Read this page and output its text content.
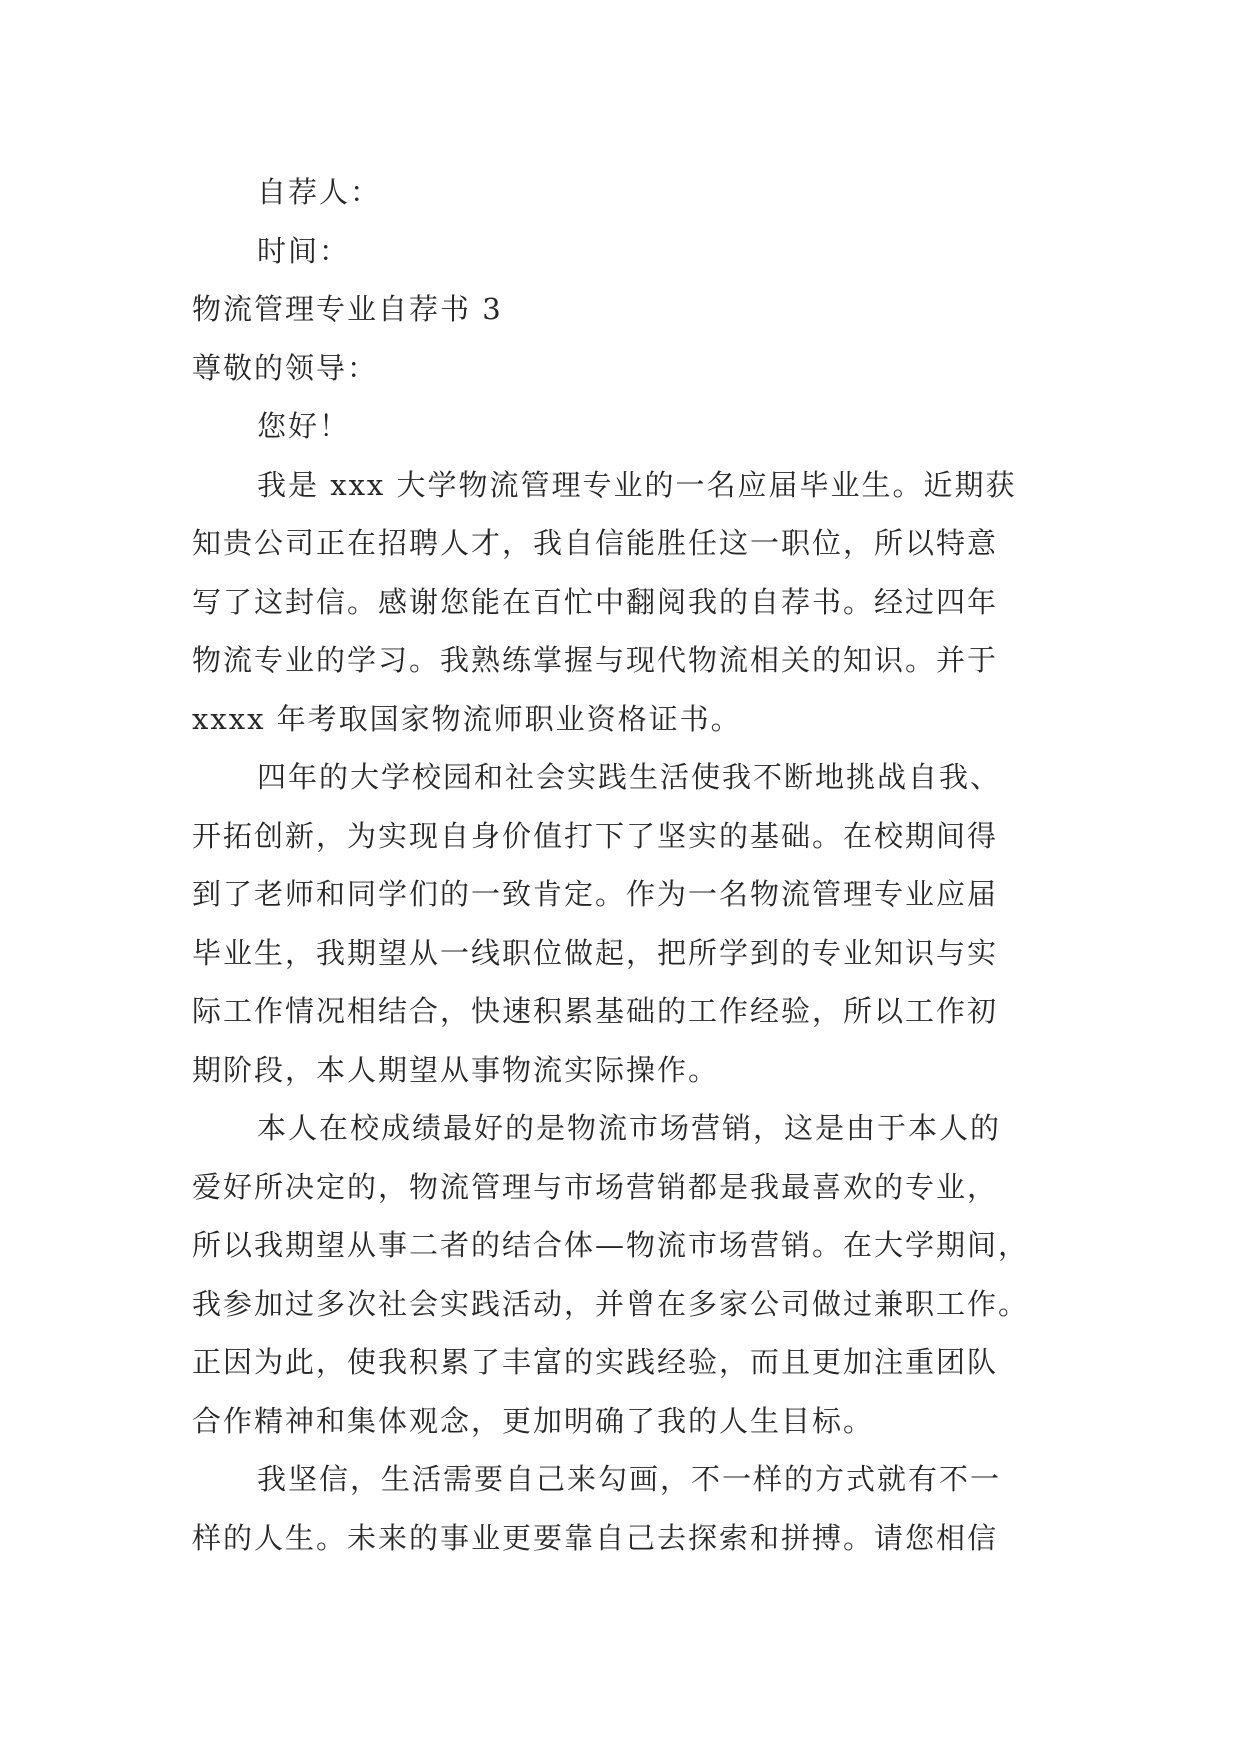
自荐人：
时间：
物流管理专业自荐书 3
尊敬的领导：
您好！
我是 xxx 大学物流管理专业的一名应届毕业生。近期获
知贵公司正在招聘人才，我自信能胜任这一职位，所以特意
写了这封信。感谢您能在百忙中翻阅我的自荐书。经过四年
物流专业的学习。我熟练掌握与现代物流相关的知识。并于
xxxx 年考取国家物流师职业资格证书。
四年的大学校园和社会实践生活使我不断地挑战自我、
开拓创新，为实现自身价值打下了坚实的基础。在校期间得
到了老师和同学们的一致肯定。作为一名物流管理专业应届
毕业生，我期望从一线职位做起，把所学到的专业知识与实
际工作情况相结合，快速积累基础的工作经验，所以工作初
期阶段，本人期望从事物流实际操作。
本人在校成绩最好的是物流市场营销，这是由于本人的
爱好所决定的，物流管理与市场营销都是我最喜欢的专业，
所以我期望从事二者的结合体—物流市场营销。在大学期间，
我参加过多次社会实践活动，并曾在多家公司做过兼职工作。
正因为此，使我积累了丰富的实践经验，而且更加注重团队
合作精神和集体观念，更加明确了我的人生目标。
我坚信，生活需要自己来勾画，不一样的方式就有不一
样的人生。未来的事业更要靠自己去探索和拼搏。请您相信
